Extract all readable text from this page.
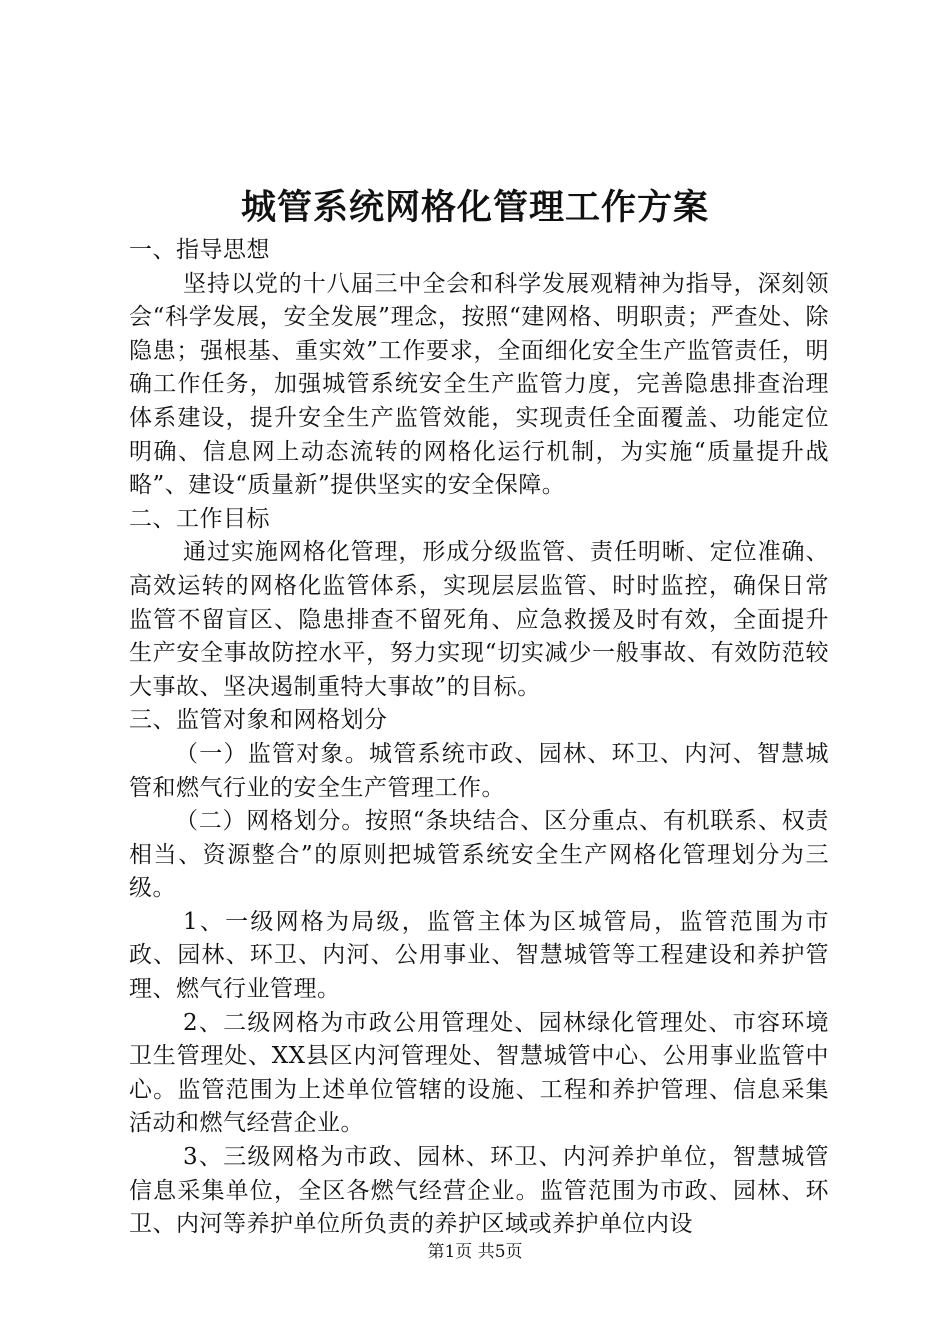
城管系统网格化管理工作方案

一、指导思想

坚持以党的十八届三中全会和科学发展观精神为指导，深刻领会“科学发展，安全发展”理念，按照“建网格、明职责；严查处、除隐患；强根基、重实效”工作要求，全面细化安全生产监管责任，明确工作任务，加强城管系统安全生产监管力度，完善隐患排查治理体系建设，提升安全生产监管效能，实现责任全面覆盖、功能定位明确、信息网上动态流转的网格化运行机制，为实施“质量提升战略”、建设“质量新”提供坚实的安全保障。

二、工作目标

通过实施网格化管理，形成分级监管、责任明晰、定位准确、高效运转的网格化监管体系，实现层层监管、时时监控，确保日常监管不留盲区、隐患排查不留死角、应急救援及时有效，全面提升生产安全事故防控水平，努力实现“切实减少一般事故、有效防范较大事故、坚决遏制重特大事故”的目标。

三、监管对象和网格划分

（一）监管对象。城管系统市政、园林、环卫、内河、智慧城管和燃气行业的安全生产管理工作。

（二）网格划分。按照“条块结合、区分重点、有机联系、权责相当、资源整合”的原则把城管系统安全生产网格化管理划分为三级。

1、一级网格为局级，监管主体为区城管局，监管范围为市政、园林、环卫、内河、公用事业、智慧城管等工程建设和养护管理、燃气行业管理。

2、二级网格为市政公用管理处、园林绿化管理处、市容环境卫生管理处、XX县区内河管理处、智慧城管中心、公用事业监管中心。监管范围为上述单位管辖的设施、工程和养护管理、信息采集活动和燃气经营企业。

3、三级网格为市政、园林、环卫、内河养护单位，智慧城管信息采集单位，全区各燃气经营企业。监管范围为市政、园林、环卫、内河等养护单位所负责的养护区域或养护单位内设

第1页 共5页
